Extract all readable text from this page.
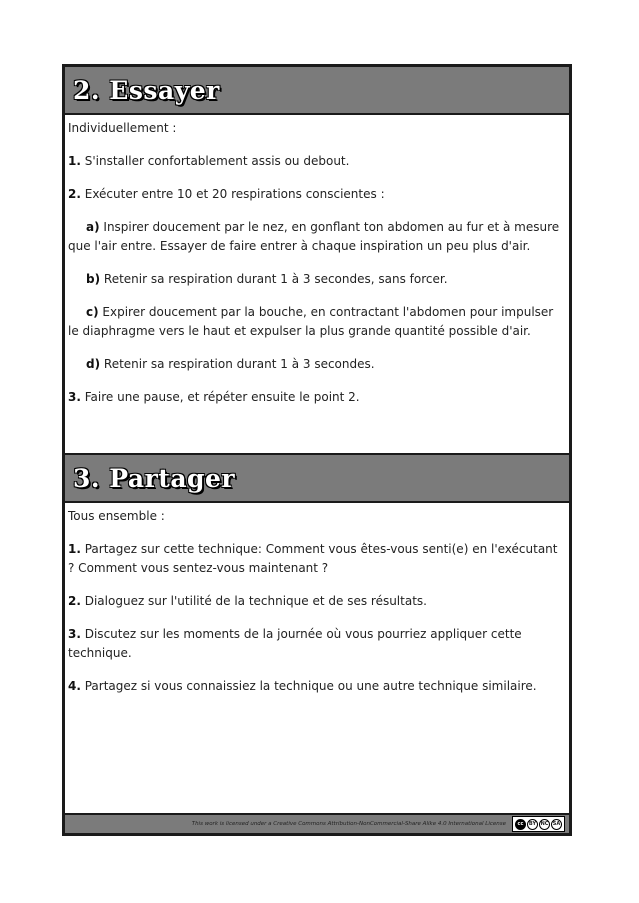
2. Essayer

Individuellement :

1. S'installer confortablement assis ou debout.

2. Exécuter entre 10 et 20 respirations conscientes :

a) Inspirer doucement par le nez, en gonflant ton abdomen au fur et à mesure que l'air entre. Essayer de faire entrer à chaque inspiration un peu plus d'air.

b) Retenir sa respiration durant 1 à 3 secondes, sans forcer.

c) Expirer doucement par la bouche, en contractant l'abdomen pour impulser le diaphragme vers le haut et expulser la plus grande quantité possible d'air.

d) Retenir sa respiration durant 1 à 3 secondes.

3. Faire une pause, et répéter ensuite le point 2.

3. Partager

Tous ensemble :

1. Partagez sur cette technique: Comment vous êtes-vous senti(e) en l'exécutant ? Comment vous sentez-vous maintenant ?

2. Dialoguez sur l'utilité de la technique et de ses résultats.

3. Discutez sur les moments de la journée où vous pourriez appliquer cette technique.

4. Partagez si vous connaissiez la technique ou une autre technique similaire.

This work is licensed under a Creative Commons Attribution-NonCommercial-Share Alike 4.0 International License	cc	BY NC SA
